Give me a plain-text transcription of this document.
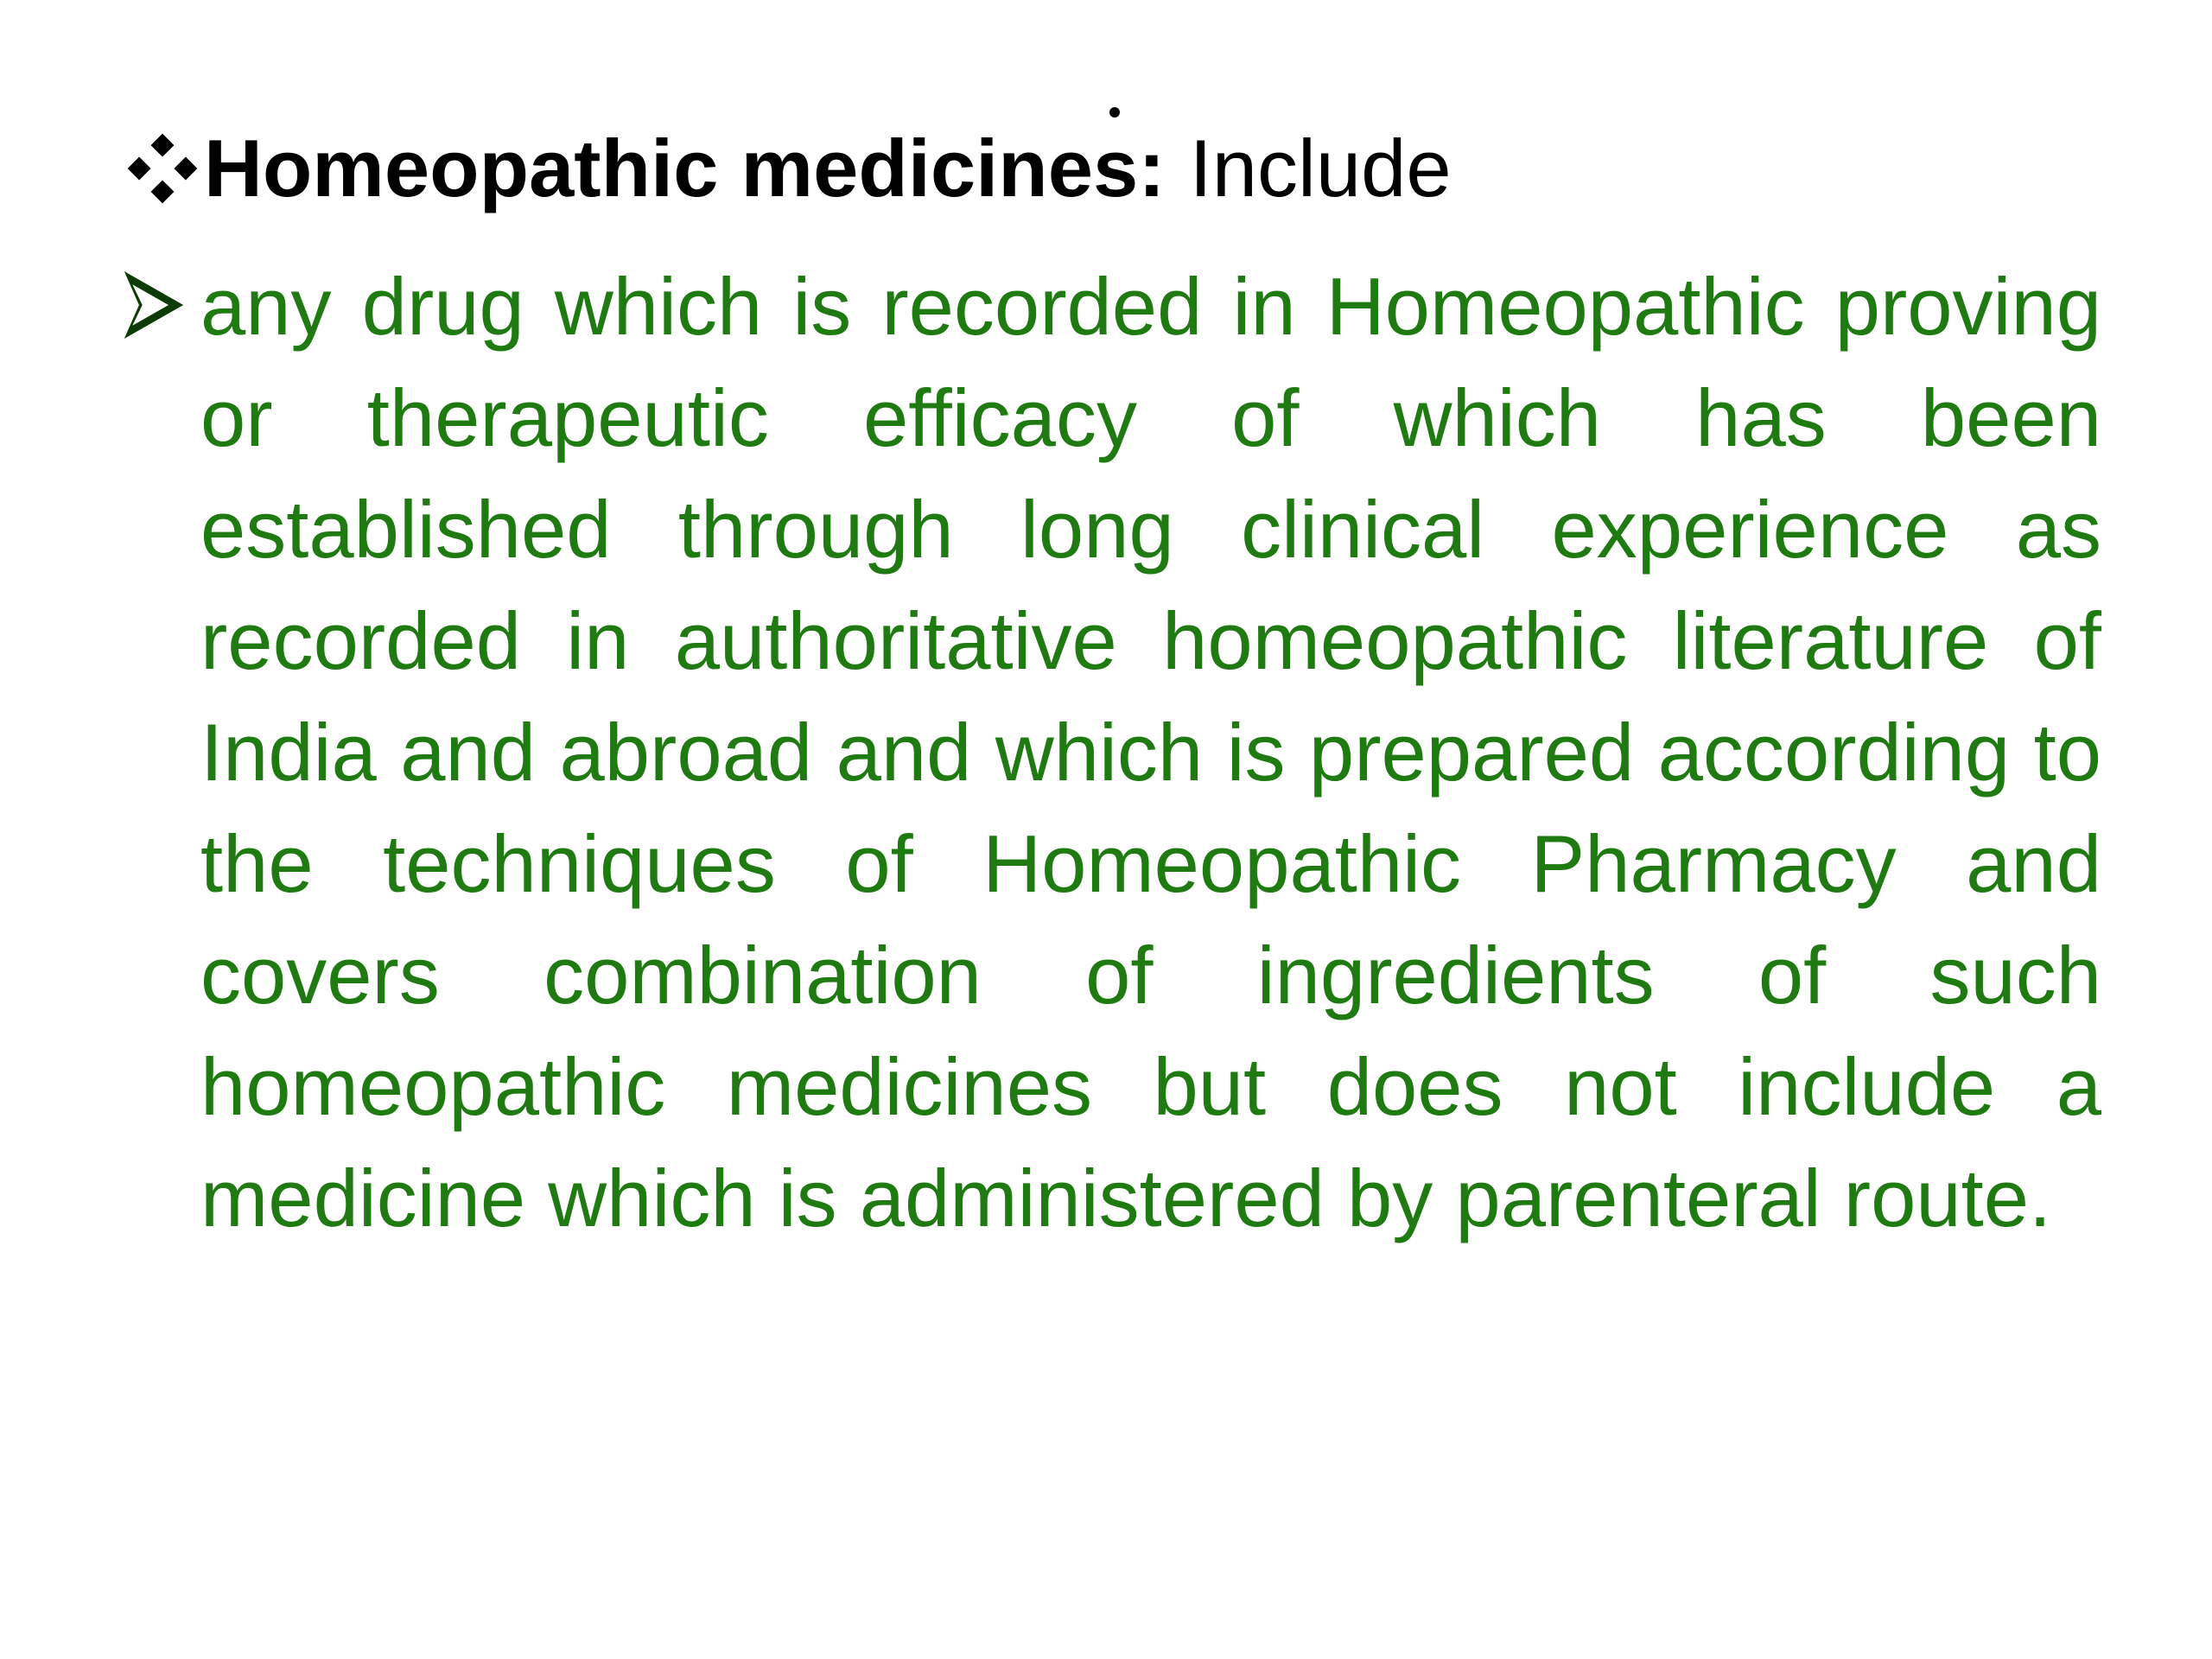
Homeopathic medicines: Include
any drug which is recorded in Homeopathic proving or therapeutic efficacy of which has been established through long clinical experience as recorded in authoritative homeopathic literature of India and abroad and which is prepared according to the techniques of Homeopathic Pharmacy and covers combination of ingredients of such homeopathic medicines but does not include a medicine which is administered by parenteral route.
